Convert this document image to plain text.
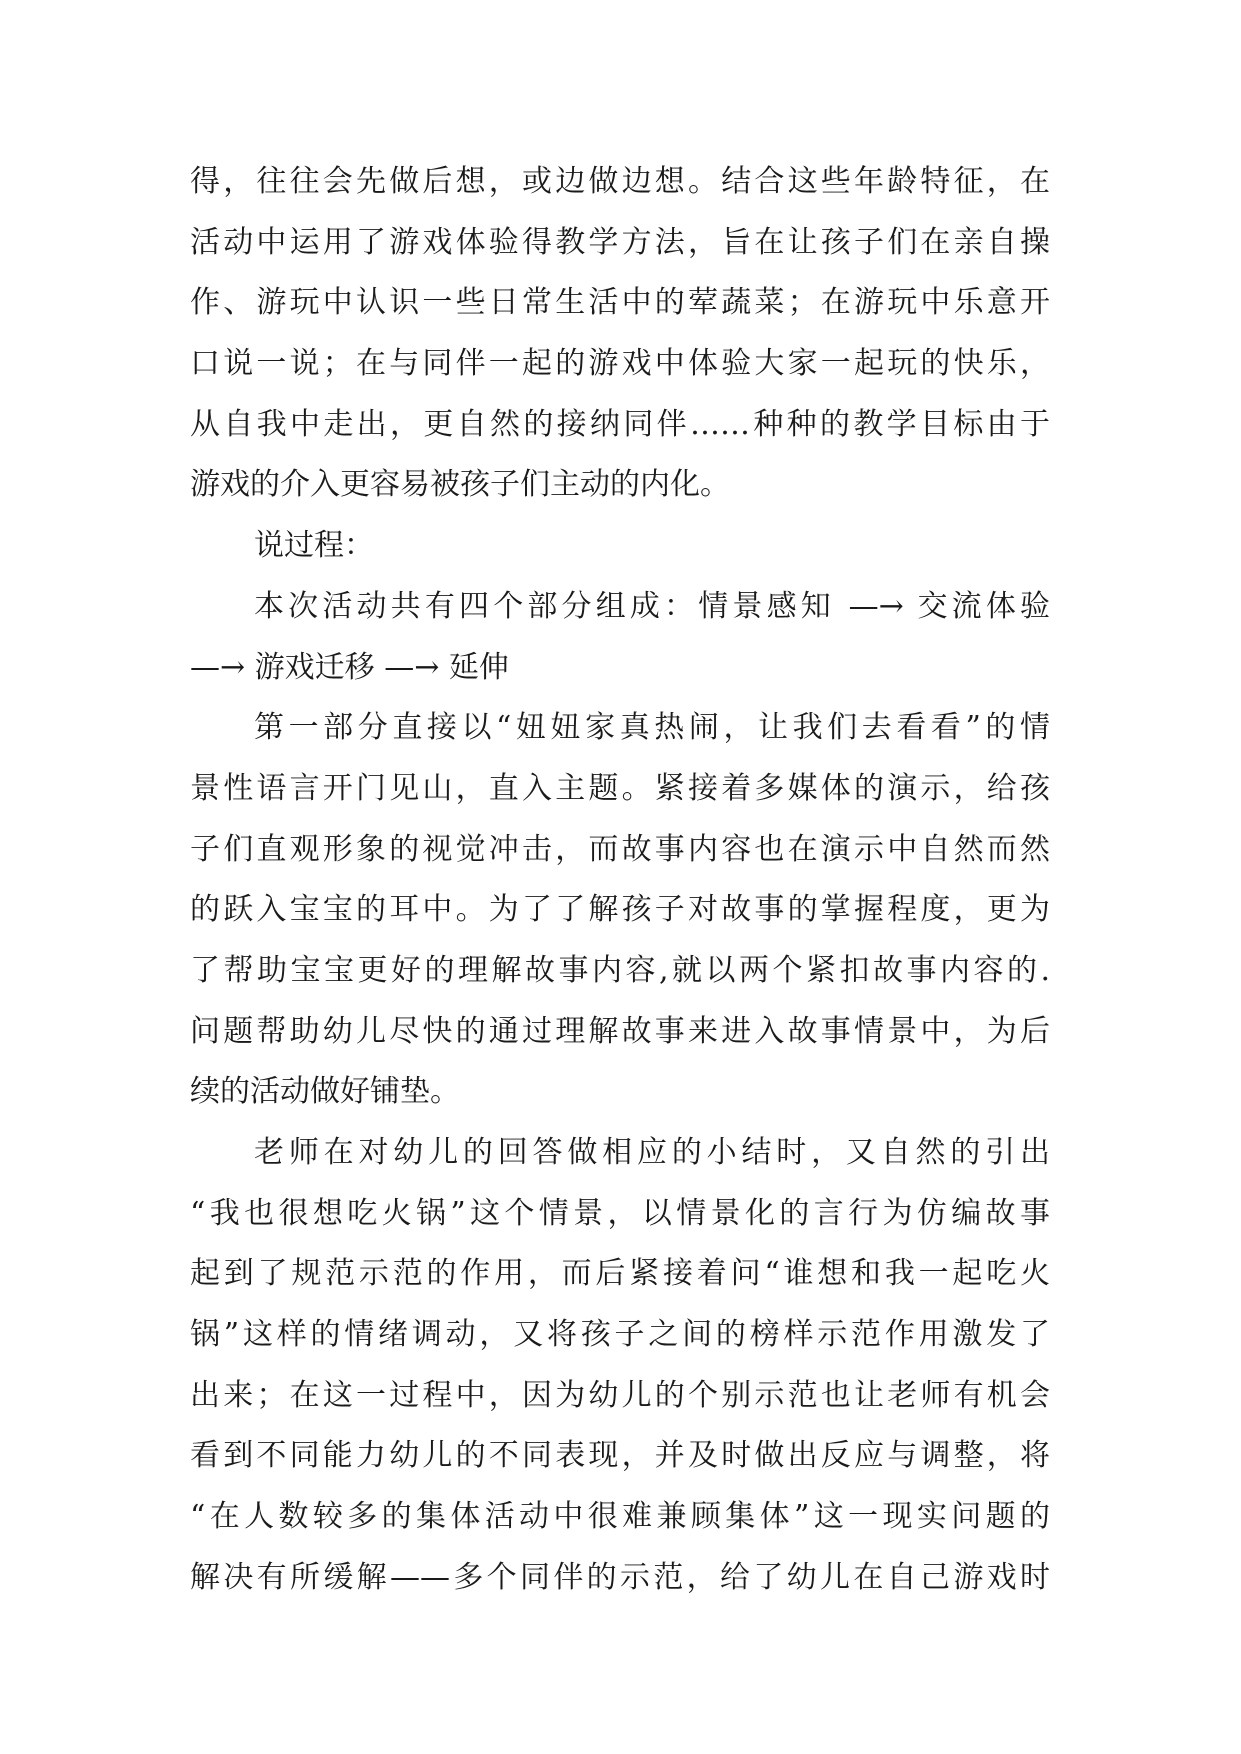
得，往往会先做后想，或边做边想。结合这些年龄特征，在
活动中运用了游戏体验得教学方法，旨在让孩子们在亲自操
作、游玩中认识一些日常生活中的荤蔬菜；在游玩中乐意开
口说一说；在与同伴一起的游戏中体验大家一起玩的快乐，
从自我中走出，更自然的接纳同伴……种种的教学目标由于
游戏的介入更容易被孩子们主动的内化。
说过程：
本次活动共有四个部分组成：情景感知 —→ 交流体验
—→ 游戏迁移 —→ 延伸
第一部分直接以“妞妞家真热闹，让我们去看看”的情
景性语言开门见山，直入主题。紧接着多媒体的演示，给孩
子们直观形象的视觉冲击，而故事内容也在演示中自然而然
的跃入宝宝的耳中。为了了解孩子对故事的掌握程度，更为
了帮助宝宝更好的理解故事内容,就以两个紧扣故事内容的.
问题帮助幼儿尽快的通过理解故事来进入故事情景中，为后
续的活动做好铺垫。
老师在对幼儿的回答做相应的小结时，又自然的引出
“我也很想吃火锅”这个情景，以情景化的言行为仿编故事
起到了规范示范的作用，而后紧接着问“谁想和我一起吃火
锅”这样的情绪调动，又将孩子之间的榜样示范作用激发了
出来；在这一过程中，因为幼儿的个别示范也让老师有机会
看到不同能力幼儿的不同表现，并及时做出反应与调整，将
“在人数较多的集体活动中很难兼顾集体”这一现实问题的
解决有所缓解——多个同伴的示范，给了幼儿在自己游戏时
